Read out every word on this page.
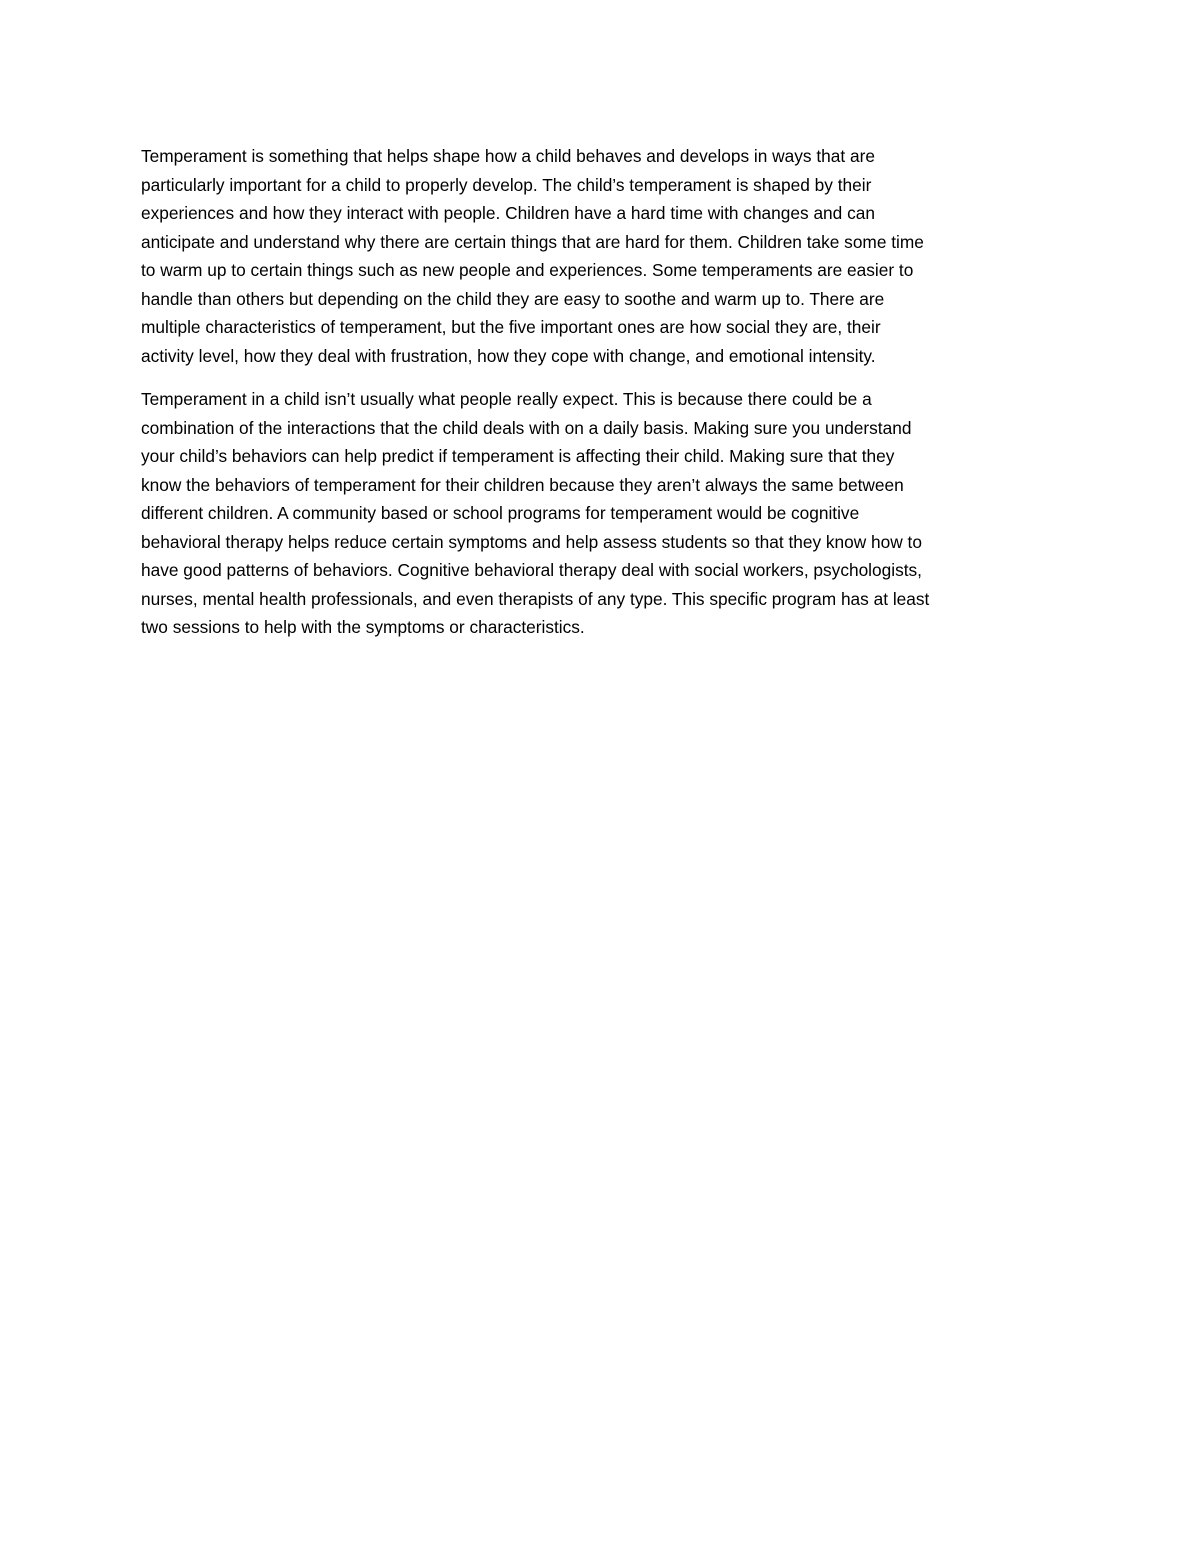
Temperament is something that helps shape how a child behaves and develops in ways that are
particularly important for a child to properly develop. The child’s temperament is shaped by their
experiences and how they interact with people. Children have a hard time with changes and can
anticipate and understand why there are certain things that are hard for them. Children take some time
to warm up to certain things such as new people and experiences. Some temperaments are easier to
handle than others but depending on the child they are easy to soothe and warm up to. There are
multiple characteristics of temperament, but the five important ones are how social they are, their
activity level, how they deal with frustration, how they cope with change, and emotional intensity.

Temperament in a child isn’t usually what people really expect. This is because there could be a
combination of the interactions that the child deals with on a daily basis. Making sure you understand
your child’s behaviors can help predict if temperament is affecting their child. Making sure that they
know the behaviors of temperament for their children because they aren’t always the same between
different children. A community based or school programs for temperament would be cognitive
behavioral therapy helps reduce certain symptoms and help assess students so that they know how to
have good patterns of behaviors. Cognitive behavioral therapy deal with social workers, psychologists,
nurses, mental health professionals, and even therapists of any type. This specific program has at least
two sessions to help with the symptoms or characteristics.
